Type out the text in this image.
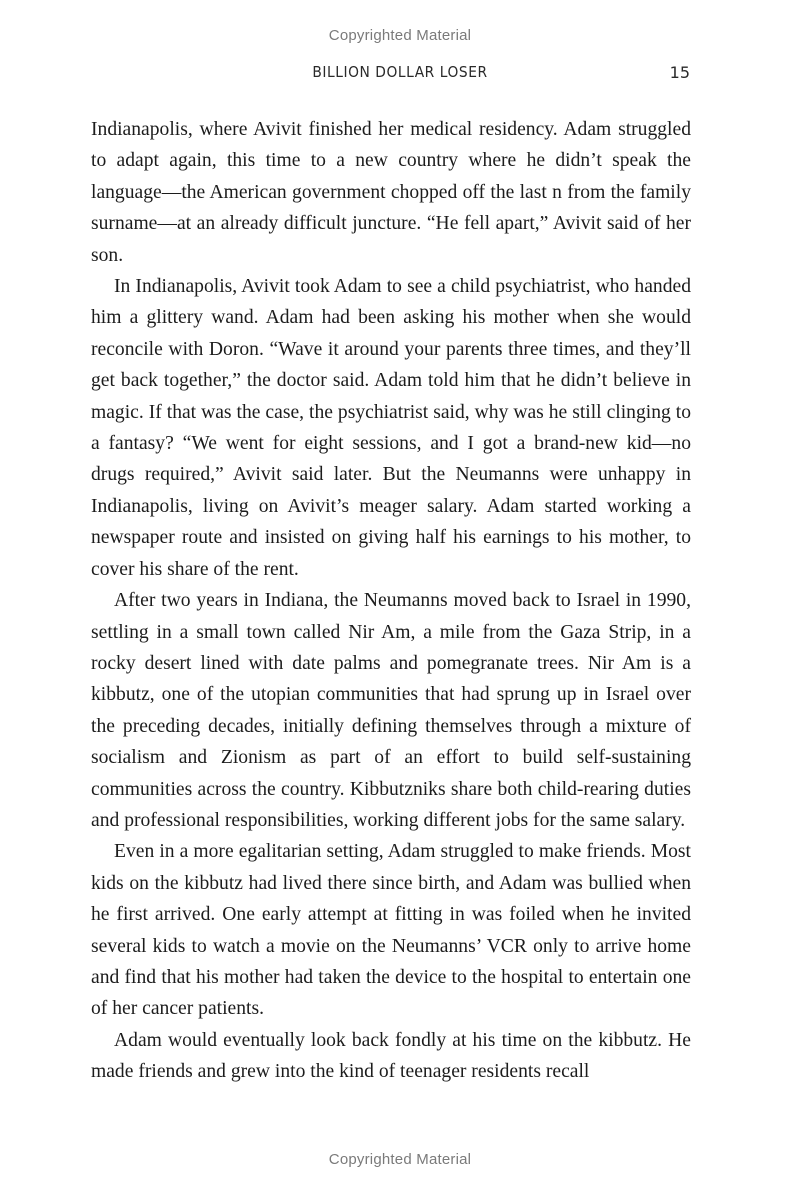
Copyrighted Material
BILLION DOLLAR LOSER	15

Indianapolis, where Avivit finished her medical residency. Adam struggled to adapt again, this time to a new country where he didn’t speak the language—the American government chopped off the last n from the family surname—at an already difficult juncture. “He fell apart,” Avivit said of her son.

In Indianapolis, Avivit took Adam to see a child psychiatrist, who handed him a glittery wand. Adam had been asking his mother when she would reconcile with Doron. “Wave it around your parents three times, and they’ll get back together,” the doctor said. Adam told him that he didn’t believe in magic. If that was the case, the psychiatrist said, why was he still clinging to a fantasy? “We went for eight sessions, and I got a brand-new kid—no drugs required,” Avivit said later. But the Neumanns were unhappy in Indianapolis, living on Avivit’s meager salary. Adam started working a newspaper route and insisted on giving half his earnings to his mother, to cover his share of the rent.

After two years in Indiana, the Neumanns moved back to Israel in 1990, settling in a small town called Nir Am, a mile from the Gaza Strip, in a rocky desert lined with date palms and pomegranate trees. Nir Am is a kibbutz, one of the utopian communities that had sprung up in Israel over the preceding decades, initially defining themselves through a mixture of socialism and Zionism as part of an effort to build self-sustaining communities across the country. Kibbutzniks share both child-rearing duties and professional responsibilities, working different jobs for the same salary.

Even in a more egalitarian setting, Adam struggled to make friends. Most kids on the kibbutz had lived there since birth, and Adam was bullied when he first arrived. One early attempt at fitting in was foiled when he invited several kids to watch a movie on the Neumanns’ VCR only to arrive home and find that his mother had taken the device to the hospital to entertain one of her cancer patients.

Adam would eventually look back fondly at his time on the kibbutz. He made friends and grew into the kind of teenager residents recall

Copyrighted Material
